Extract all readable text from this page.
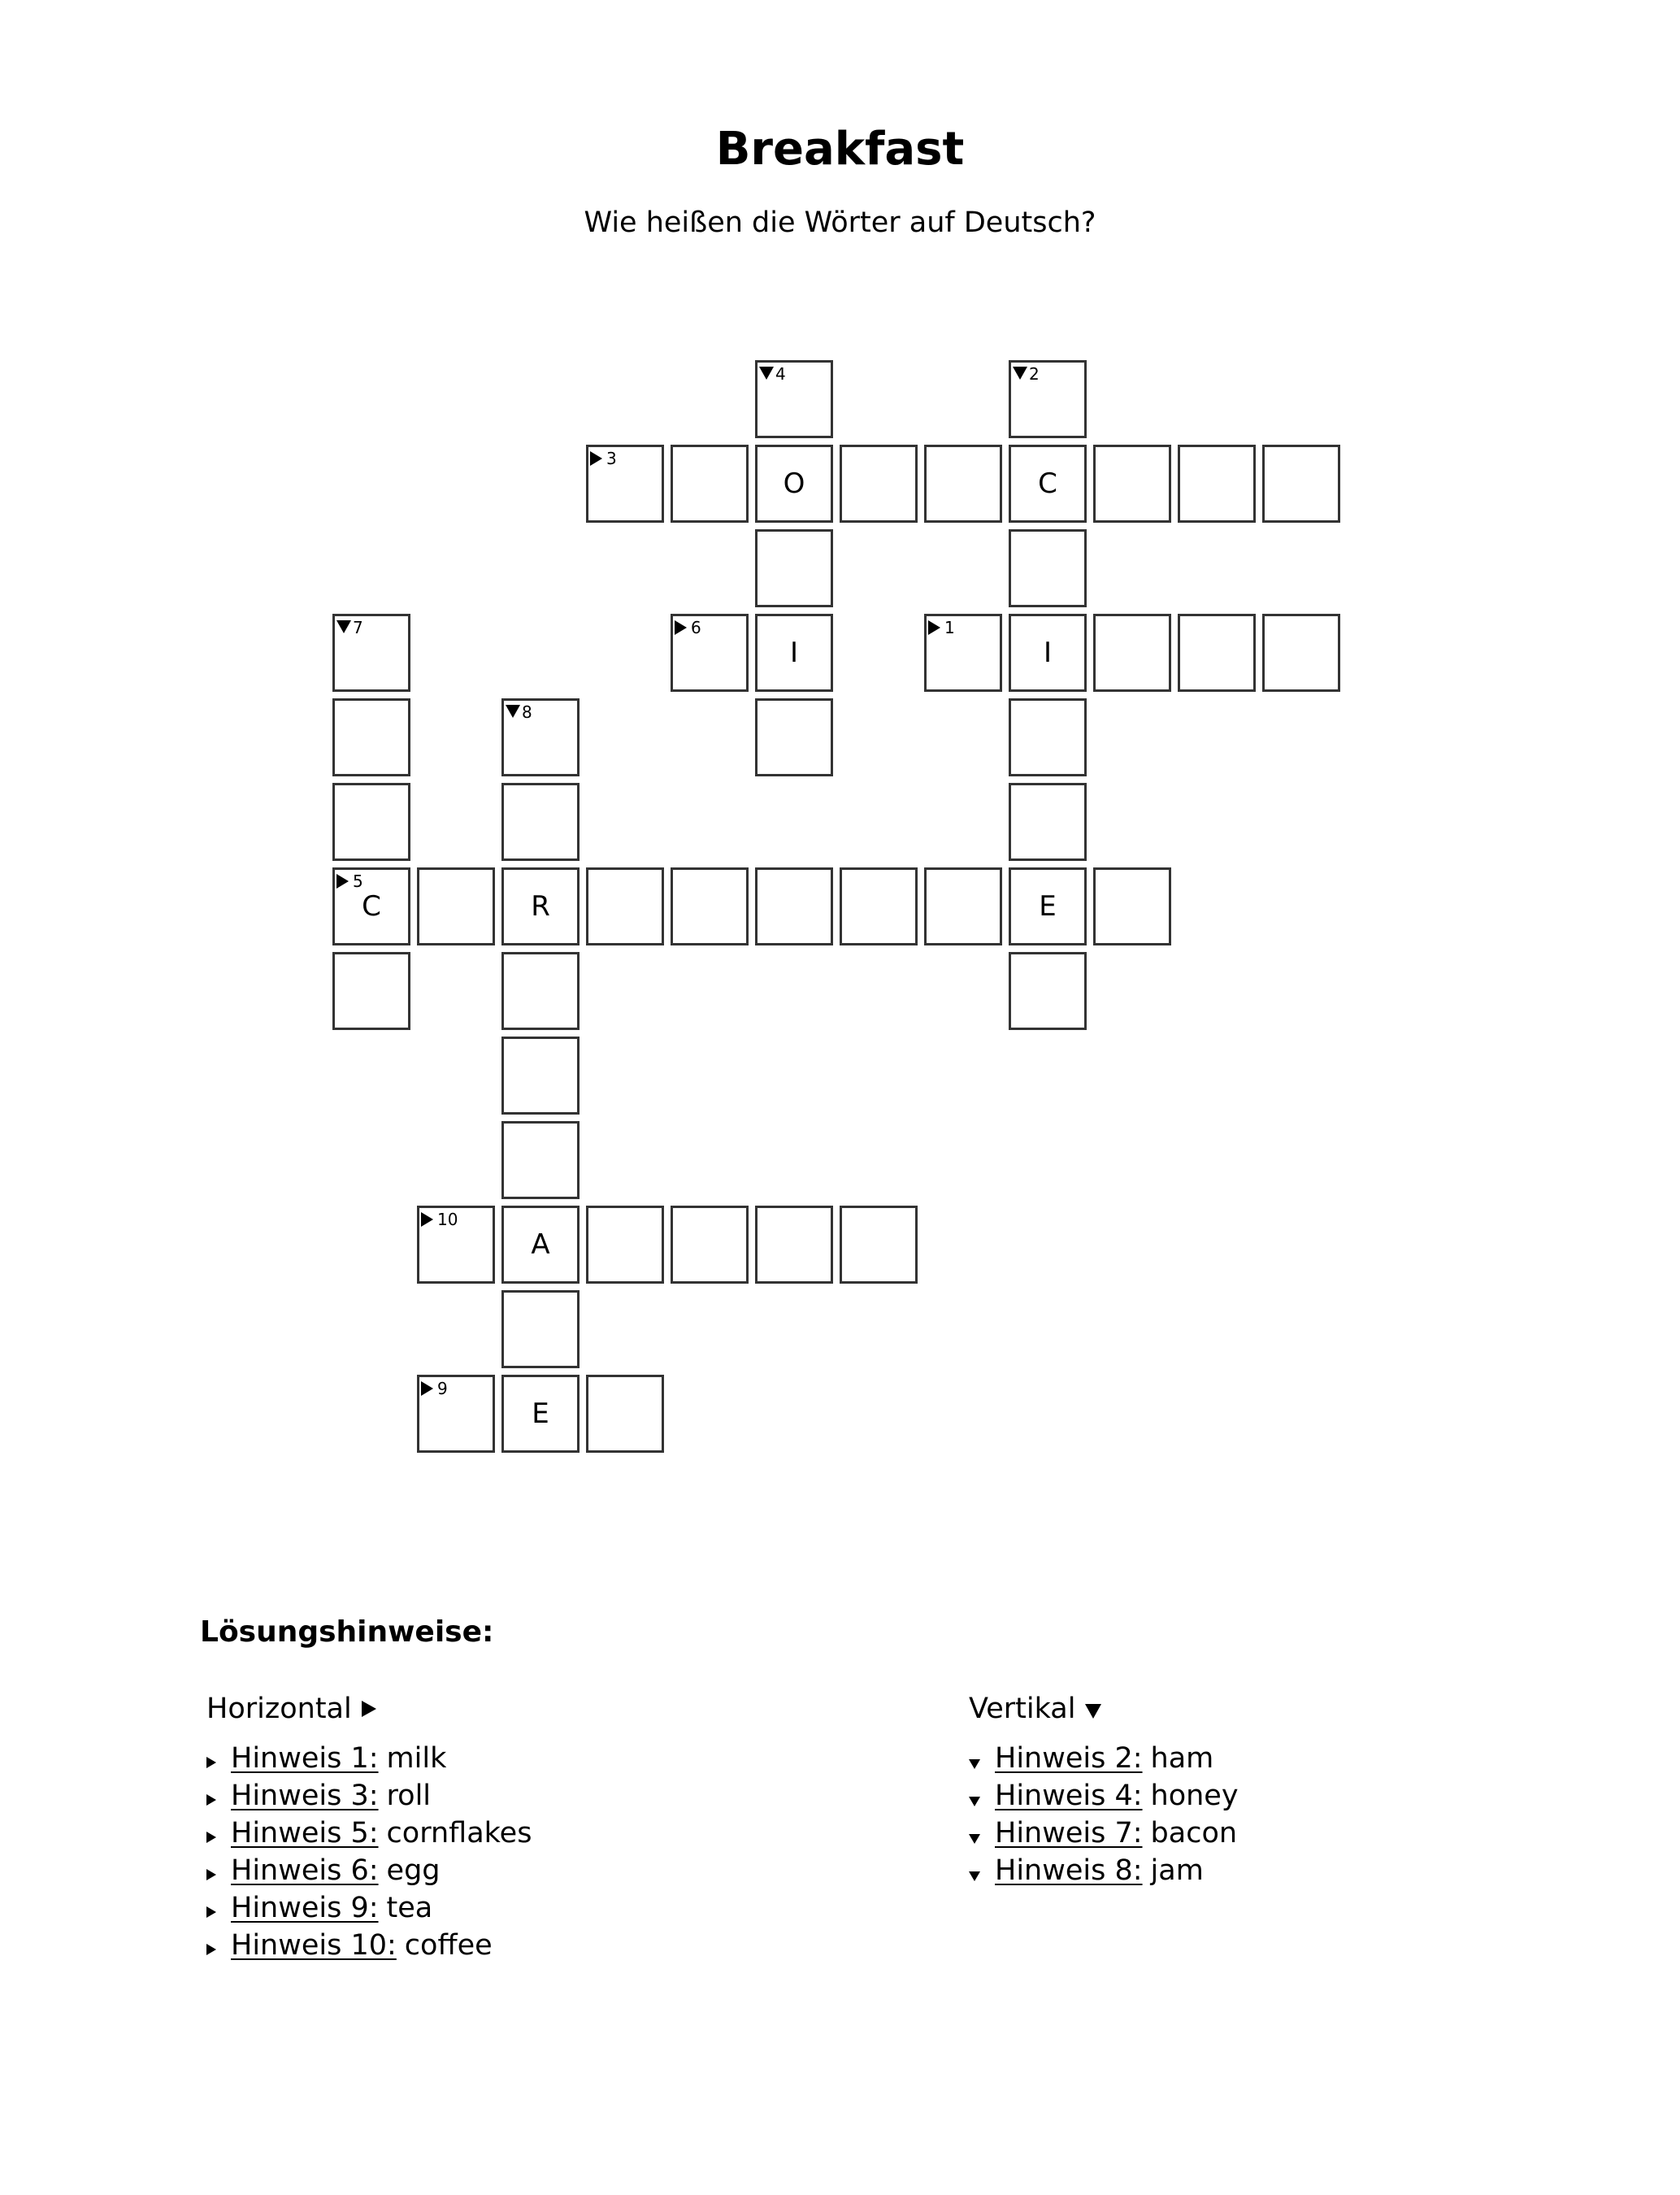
Breakfast
Wie heißen die Wörter auf Deutsch?
4	2
3
O	C
7	6
I
1
I
8
5
C	R	E
10
A
9
E
Lösungshinweise:
Horizontal
Hinweis 1: milk
Hinweis 3: roll
Hinweis 5: cornflakes
Hinweis 6: egg
Hinweis 9: tea
Hinweis 10: coffee
Vertikal
Hinweis 2: ham
Hinweis 4: honey
Hinweis 7: bacon
Hinweis 8: jam
